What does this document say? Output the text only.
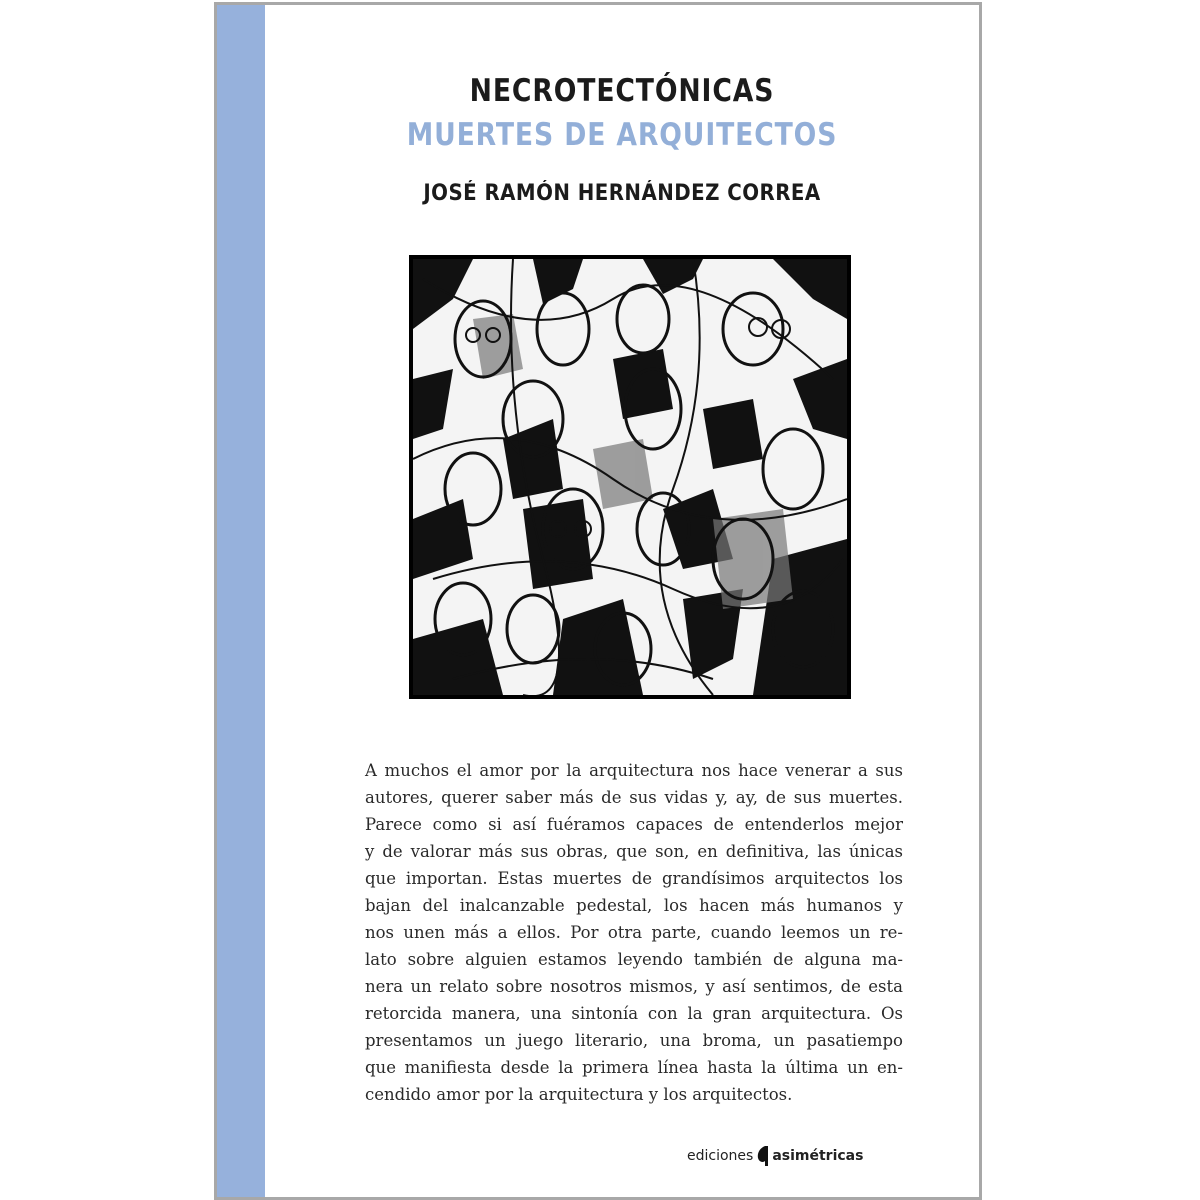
NECROTECTÓNICAS
MUERTES DE ARQUITECTOS
JOSÉ RAMÓN HERNÁNDEZ CORREA
A muchos el amor por la arquitectura nos hace venerar a sus
autores, querer saber más de sus vidas y, ay, de sus muertes.
Parece como si así fuéramos capaces de entenderlos mejor
y de valorar más sus obras, que son, en definitiva, las únicas
que importan. Estas muertes de grandísimos arquitectos los
bajan del inalcanzable pedestal, los hacen más humanos y
nos unen más a ellos. Por otra parte, cuando leemos un re-
lato sobre alguien estamos leyendo también de alguna ma-
nera un relato sobre nosotros mismos, y así sentimos, de esta
retorcida manera, una sintonía con la gran arquitectura. Os
presentamos un juego literario, una broma, un pasatiempo
que manifiesta desde la primera línea hasta la última un en-
cendido amor por la arquitectura y los arquitectos.
ediciones asimétricas
